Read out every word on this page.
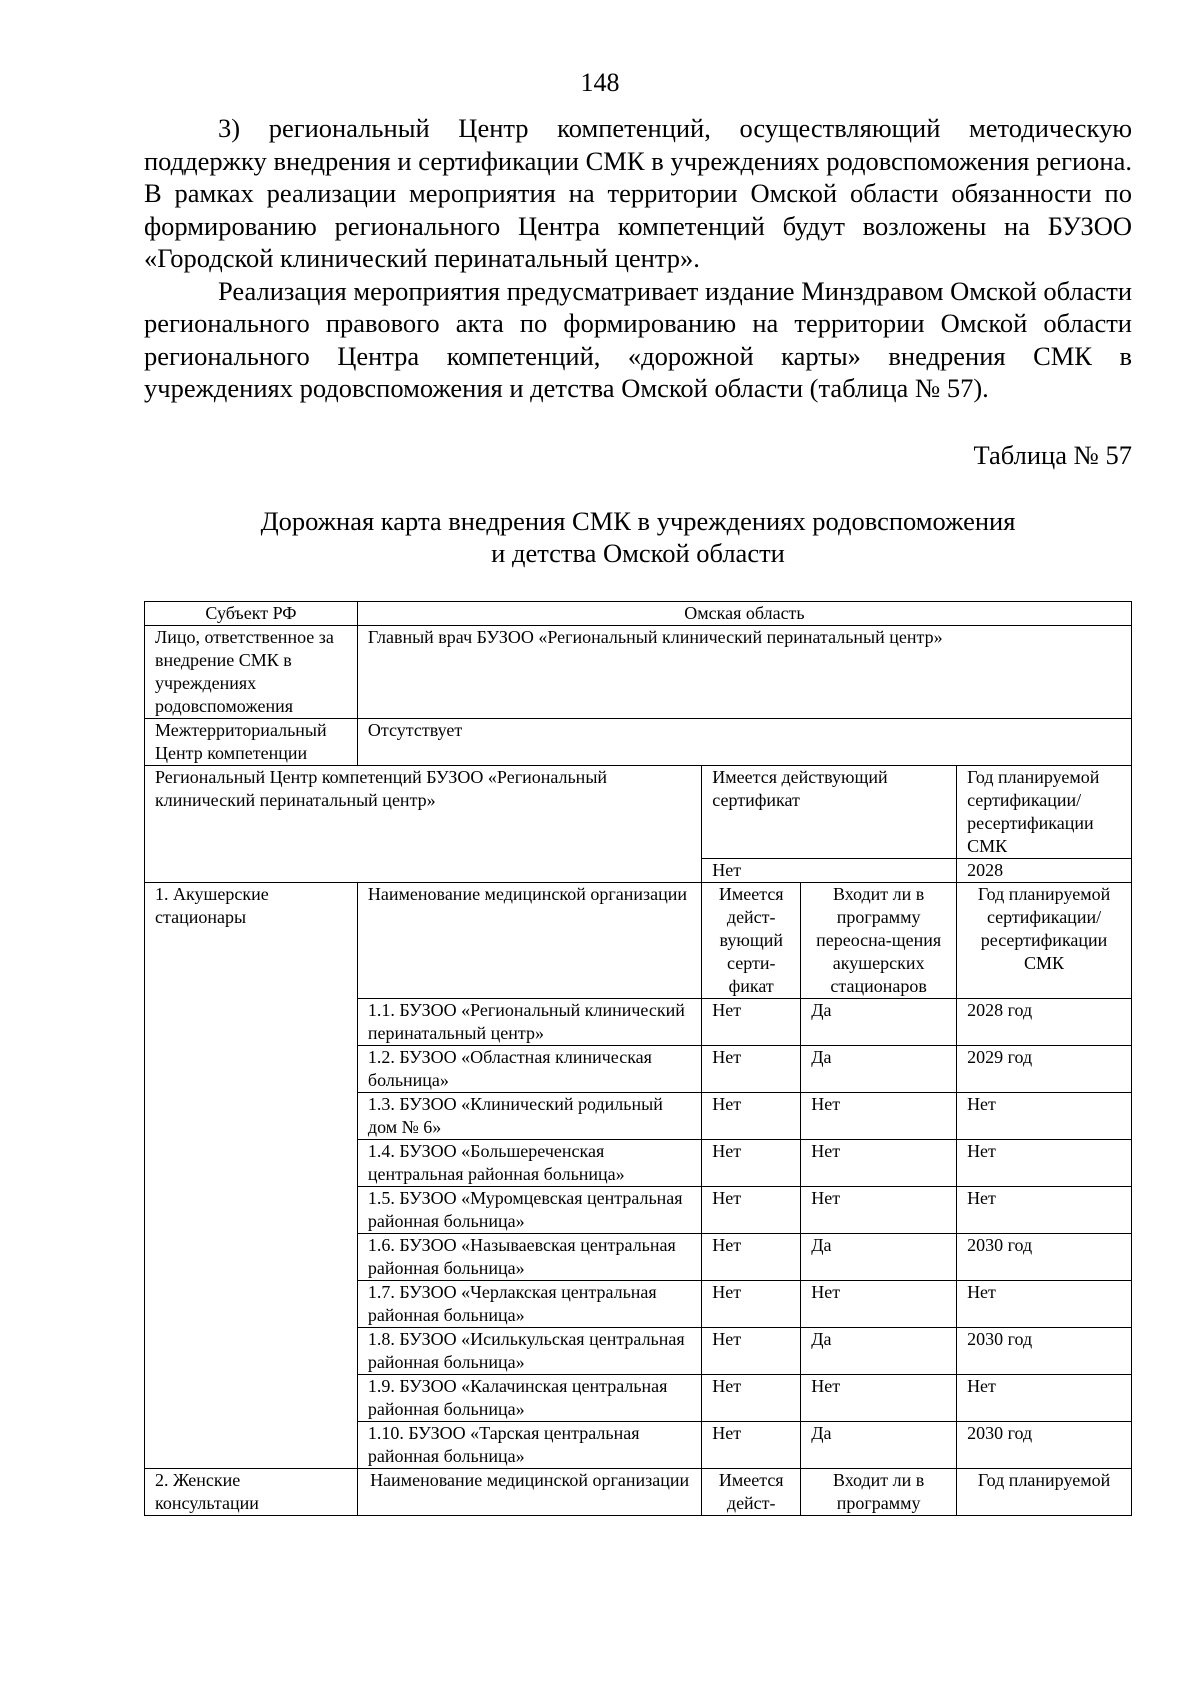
148

3) региональный Центр компетенций, осуществляющий методическую поддержку внедрения и сертификации СМК в учреждениях родовспоможения региона. В рамках реализации мероприятия на территории Омской области обязанности по формированию регионального Центра компетенций будут возложены на БУЗОО «Городской клинический перинатальный центр».

Реализация мероприятия предусматривает издание Минздравом Омской области регионального правового акта по формированию на территории Омской области регионального Центра компетенций, «дорожной карты» внедрения СМК в учреждениях родовспоможения и детства Омской области (таблица № 57).

Таблица № 57
Дорожная карта внедрения СМК в учреждениях родовспоможения
и детства Омской области
Субъект РФ	Омская область			
Лицо, ответственное за внедрение СМК в учреждениях родовспоможения	Главный врач БУЗОО «Региональный клинический перинатальный центр»			
Межтерриториальный Центр компетенции	Отсутствует			
Региональный Центр компетенций БУЗОО «Региональный клинический перинатальный центр»		Имеется действующий сертификат		Год планируемой сертификации/ ресертификации СМК
		Нет		2028
1. Акушерские стационары	Наименование медицинской организации	Имеется дейст-вующий серти-фикат	Входит ли в программу переосна-щения акушерских стационаров	Год планируемой сертификации/ ресертификации СМК
	1.1. БУЗОО «Региональный клинический перинатальный центр»	Нет	Да	2028 год
	1.2. БУЗОО «Областная клиническая больница»	Нет	Да	2029 год
	1.3. БУЗОО «Клинический родильный дом № 6»	Нет	Нет	Нет
	1.4. БУЗОО «Большереченская центральная районная больница»	Нет	Нет	Нет
	1.5. БУЗОО «Муромцевская центральная районная больница»	Нет	Нет	Нет
	1.6. БУЗОО «Называевская центральная районная больница»	Нет	Да	2030 год
	1.7. БУЗОО «Черлакская центральная районная больница»	Нет	Нет	Нет
	1.8. БУЗОО «Исилькульская центральная районная больница»	Нет	Да	2030 год
	1.9. БУЗОО «Калачинская центральная районная больница»	Нет	Нет	Нет
	1.10. БУЗОО «Тарская центральная районная больница»	Нет	Да	2030 год
2. Женские консультации	Наименование медицинской организации	Имеется дейст-	Входит ли в программу	Год планируемой
